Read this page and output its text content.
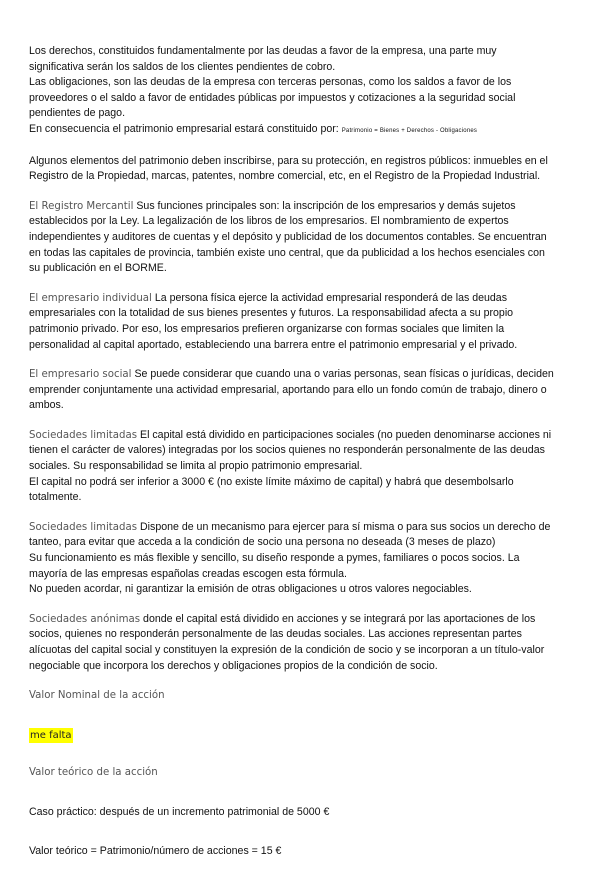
Los derechos, constituidos fundamentalmente por las deudas a favor de la empresa, una parte muy
significativa serán los saldos de los clientes pendientes de cobro.
Las obligaciones, son las deudas de la empresa con terceras personas, como los saldos a favor de los
proveedores o el saldo a favor de entidades públicas por impuestos y cotizaciones a la seguridad social
pendientes de pago.
En consecuencia el patrimonio empresarial estará constituido por: Patrimonio = Bienes + Derechos - Obligaciones
Algunos elementos del patrimonio deben inscribirse, para su protección, en registros públicos: inmuebles en el
Registro de la Propiedad, marcas, patentes, nombre comercial, etc, en el Registro de la Propiedad Industrial.
El Registro Mercantil Sus funciones principales son: la inscripción de los empresarios y demás sujetos
establecidos por la Ley. La legalización de los libros de los empresarios. El nombramiento de expertos
independientes y auditores de cuentas y el depósito y publicidad de los documentos contables. Se encuentran
en todas las capitales de provincia, también existe uno central, que da publicidad a los hechos esenciales con
su publicación en el BORME.
El empresario individual La persona física ejerce la actividad empresarial responderá de las deudas
empresariales con la totalidad de sus bienes presentes y futuros. La responsabilidad afecta a su propio
patrimonio privado. Por eso, los empresarios prefieren organizarse con formas sociales que limiten la
personalidad al capital aportado, estableciendo una barrera entre el patrimonio empresarial y el privado.
El empresario social Se puede considerar que cuando una o varias personas, sean físicas o jurídicas, deciden
emprender conjuntamente una actividad empresarial, aportando para ello un fondo común de trabajo, dinero o
ambos.
Sociedades limitadas El capital está dividido en participaciones sociales (no pueden denominarse acciones ni
tienen el carácter de valores) integradas por los socios quienes no responderán personalmente de las deudas
sociales. Su responsabilidad se limita al propio patrimonio empresarial.
El capital no podrá ser inferior a 3000 € (no existe límite máximo de capital) y habrá que desembolsarlo
totalmente.
Sociedades limitadas Dispone de un mecanismo para ejercer para sí misma o para sus socios un derecho de
tanteo, para evitar que acceda a la condición de socio una persona no deseada (3 meses de plazo)
Su funcionamiento es más flexible y sencillo, su diseño responde a pymes, familiares o pocos socios. La
mayoría de las empresas españolas creadas escogen esta fórmula.
No pueden acordar, ni garantizar la emisión de otras obligaciones u otros valores negociables.
Sociedades anónimas donde el capital está dividido en acciones y se integrará por las aportaciones de los
socios, quienes no responderán personalmente de las deudas sociales. Las acciones representan partes
alícuotas del capital social y constituyen la expresión de la condición de socio y se incorporan a un título-valor
negociable que incorpora los derechos y obligaciones propios de la condición de socio.
Valor Nominal de la acción
me falta
Valor teórico de la acción
Caso práctico: después de un incremento patrimonial de 5000 €
Valor teórico = Patrimonio/número de acciones = 15 €
